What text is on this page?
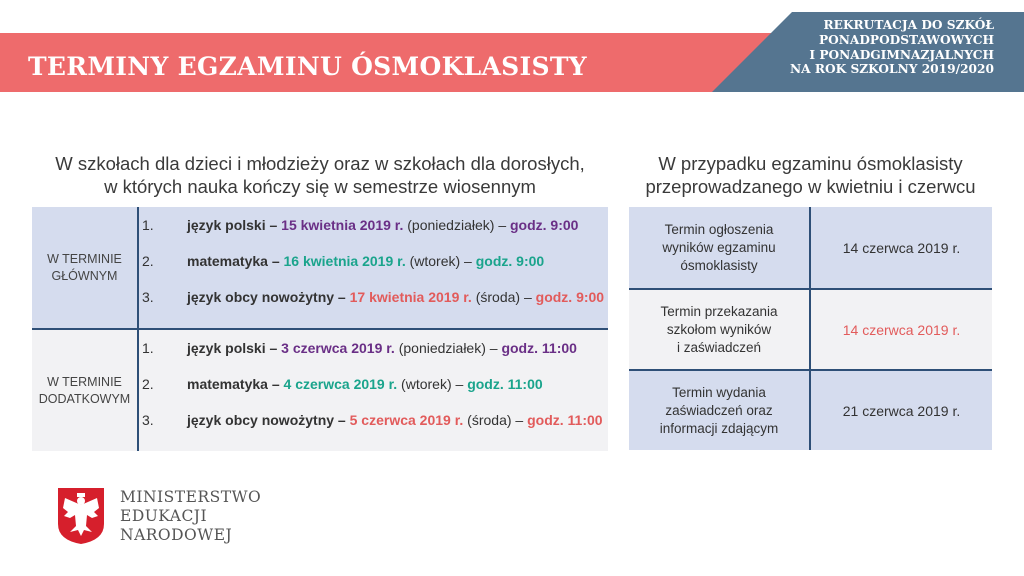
TERMINY EGZAMINU ÓSMOKLASISTY
REKRUTACJA DO SZKÓŁ
PONADPODSTAWOWYCH
I PONADGIMNAZJALNYCH
NA ROK SZKOLNY 2019/2020
W szkołach dla dzieci i młodzieży oraz w szkołach dla dorosłych,
w których nauka kończy się w semestrze wiosennym
W przypadku egzaminu ósmoklasisty
przeprowadzanego w kwietniu i czerwcu
W TERMINIE GŁÓWNYM
1.	język polski – 15 kwietnia 2019 r. (poniedziałek) – godz. 9:00
2.	matematyka – 16 kwietnia 2019 r. (wtorek) – godz. 9:00
3.	język obcy nowożytny – 17 kwietnia 2019 r. (środa) – godz. 9:00
W TERMINIE DODATKOWYM
1.	język polski – 3 czerwca 2019 r. (poniedziałek) – godz. 11:00
2.	matematyka – 4 czerwca 2019 r. (wtorek) – godz. 11:00
3.	język obcy nowożytny – 5 czerwca 2019 r. (środa) – godz. 11:00
Termin ogłoszenia
wyników egzaminu
ósmoklasisty
14 czerwca 2019 r.
Termin przekazania
szkołom wyników
i zaświadczeń
14 czerwca 2019 r.
Termin wydania
zaświadczeń oraz
informacji zdającym
21 czerwca 2019 r.
MINISTERSTWO
EDUKACJI
NARODOWEJ
